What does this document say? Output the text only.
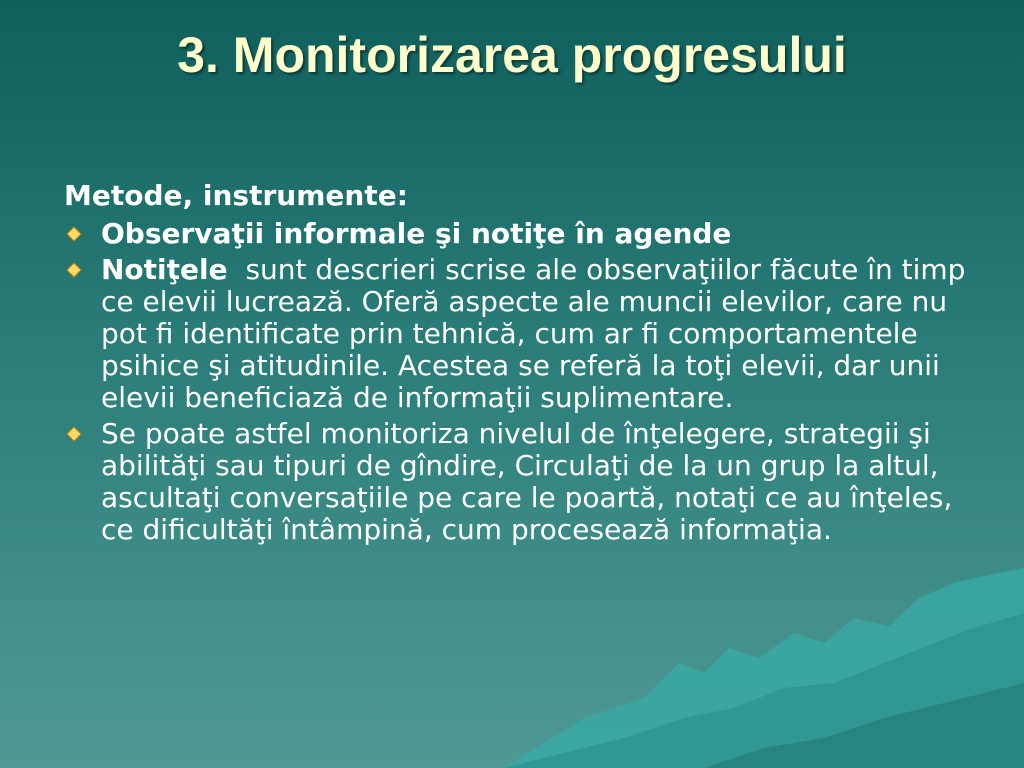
3. Monitorizarea progresului

Metode, instrumente:

Observaţii informale şi notiţe în agende
Notiţele sunt descrieri scrise ale observaţiilor făcute în timp ce elevii lucrează. Oferă aspecte ale muncii elevilor, care nu pot fi identificate prin tehnică, cum ar fi comportamentele psihice şi atitudinile. Acestea se referă la toţi elevii, dar unii elevii beneficiază de informaţii suplimentare.
Se poate astfel monitoriza nivelul de înţelegere, strategii şi abilităţi sau tipuri de gîndire, Circulaţi de la un grup la altul, ascultaţi conversaţiile pe care le poartă, notaţi ce au înţeles, ce dificultăţi întâmpină, cum procesează informaţia.
